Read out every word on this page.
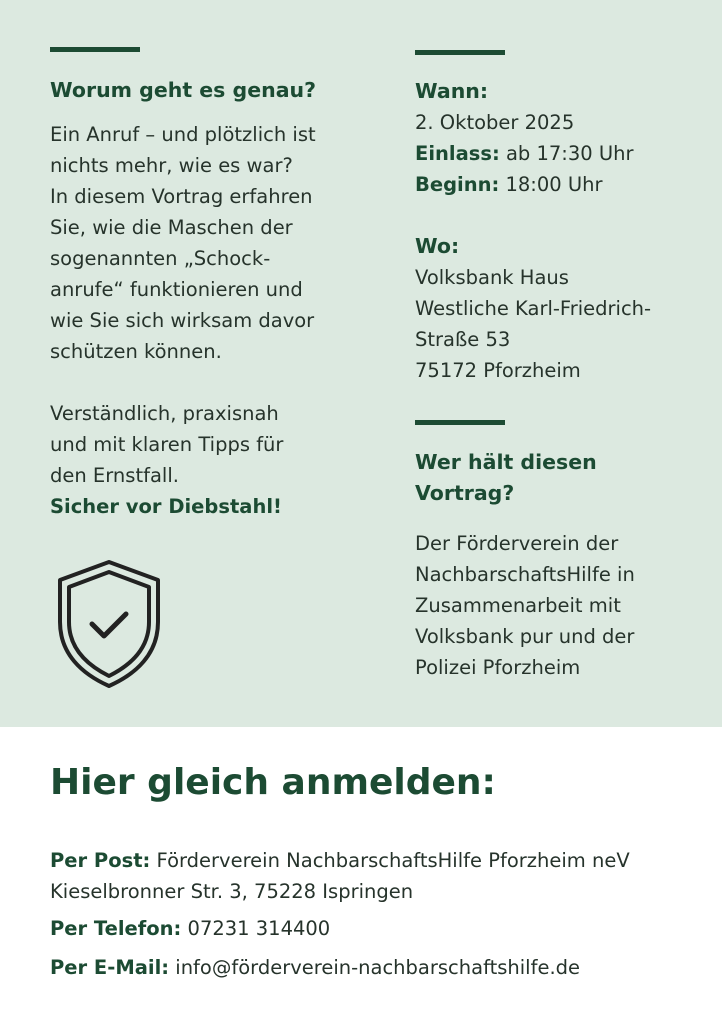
Worum geht es genau?
Ein Anruf – und plötzlich ist
nichts mehr, wie es war?
In diesem Vortrag erfahren
Sie, wie die Maschen der
sogenannten „Schock-
anrufe“ funktionieren und
wie Sie sich wirksam davor
schützen können.
Verständlich, praxisnah
und mit klaren Tipps für
den Ernstfall.
Sicher vor Diebstahl!
Wann:
2. Oktober 2025
Einlass: ab 17:30 Uhr
Beginn: 18:00 Uhr
Wo:
Volksbank Haus
Westliche Karl-Friedrich-
Straße 53
75172 Pforzheim
Wer hält diesen
Vortrag?
Der Förderverein der
NachbarschaftsHilfe in
Zusammenarbeit mit
Volksbank pur und der
Polizei Pforzheim
Hier gleich anmelden:
Per Post: Förderverein NachbarschaftsHilfe Pforzheim neV
Kieselbronner Str. 3, 75228 Ispringen
Per Telefon: 07231 314400
Per E-Mail: info@förderverein-nachbarschaftshilfe.de
